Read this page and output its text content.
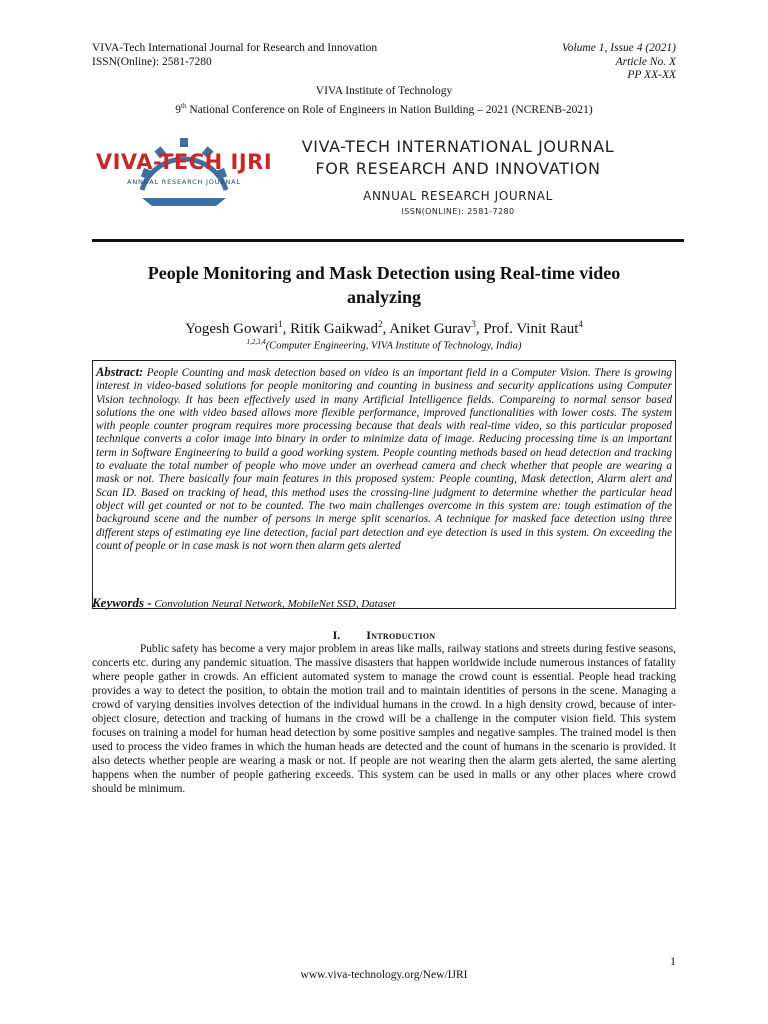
VIVA-Tech International Journal for Research and Innovation
ISSN(Online): 2581-7280
Volume 1, Issue 4 (2021)
Article No. X
PP XX-XX
VIVA Institute of Technology
9th National Conference on Role of Engineers in Nation Building – 2021 (NCRENB-2021)
VIVA-TECH IJRI
ANNUAL RESEARCH JOURNAL
VIVA-TECH INTERNATIONAL JOURNAL
FOR RESEARCH AND INNOVATION
ANNUAL RESEARCH JOURNAL
ISSN(ONLINE): 2581-7280
People Monitoring and Mask Detection using Real-time video
analyzing
Yogesh Gowari$^1$, Ritik Gaikwad$^2$, Aniket Gurav$^3$, Prof. Vinit Raut$^4$
$^{1,2,3,4}$(Computer Engineering, VIVA Institute of Technology, India)
Abstract: People Counting and mask detection based on video is an important field in a Computer Vision. There is growing interest in video-based solutions for people monitoring and counting in business and security applications using Computer Vision technology. It has been effectively used in many Artificial Intelligence fields. Compareing to normal sensor based solutions the one with video based allows more flexible performance, improved functionalities with lower costs. The system with people counter program requires more processing because that deals with real-time video, so this particular proposed technique converts a color image into binary in order to minimize data of image. Reducing processing time is an important term in Software Engineering to build a good working system. People counting methods based on head detection and tracking to evaluate the total number of people who move under an overhead camera and check whether that people are wearing a mask or not. There basically four main features in this proposed system: People counting, Mask detection, Alarm alert and Scan ID. Based on tracking of head, this method uses the crossing-line judgment to determine whether the particular head object will get counted or not to be counted. The two main challenges overcome in this system are: tough estimation of the background scene and the number of persons in merge split scenarios. A technique for masked face detection using three different steps of estimating eye line detection, facial part detection and eye detection is used in this system. On exceeding the count of people or in case mask is not worn then alarm gets alerted
Keywords - Convolution Neural Network, MobileNet SSD, Dataset
I. Introduction
Public safety has become a very major problem in areas like malls, railway stations and streets during festive seasons, concerts etc. during any pandemic situation. The massive disasters that happen worldwide include numerous instances of fatality where people gather in crowds. An efficient automated system to manage the crowd count is essential. People head tracking provides a way to detect the position, to obtain the motion trail and to maintain identities of persons in the scene. Managing a crowd of varying densities involves detection of the individual humans in the crowd. In a high density crowd, because of inter-object closure, detection and tracking of humans in the crowd will be a challenge in the computer vision field. This system focuses on training a model for human head detection by some positive samples and negative samples. The trained model is then used to process the video frames in which the human heads are detected and the count of humans in the scenario is provided. It also detects whether people are wearing a mask or not. If people are not wearing then the alarm gets alerted, the same alerting happens when the number of people gathering exceeds. This system can be used in malls or any other places where crowd should be minimum.
1
www.viva-technology.org/New/IJRI
